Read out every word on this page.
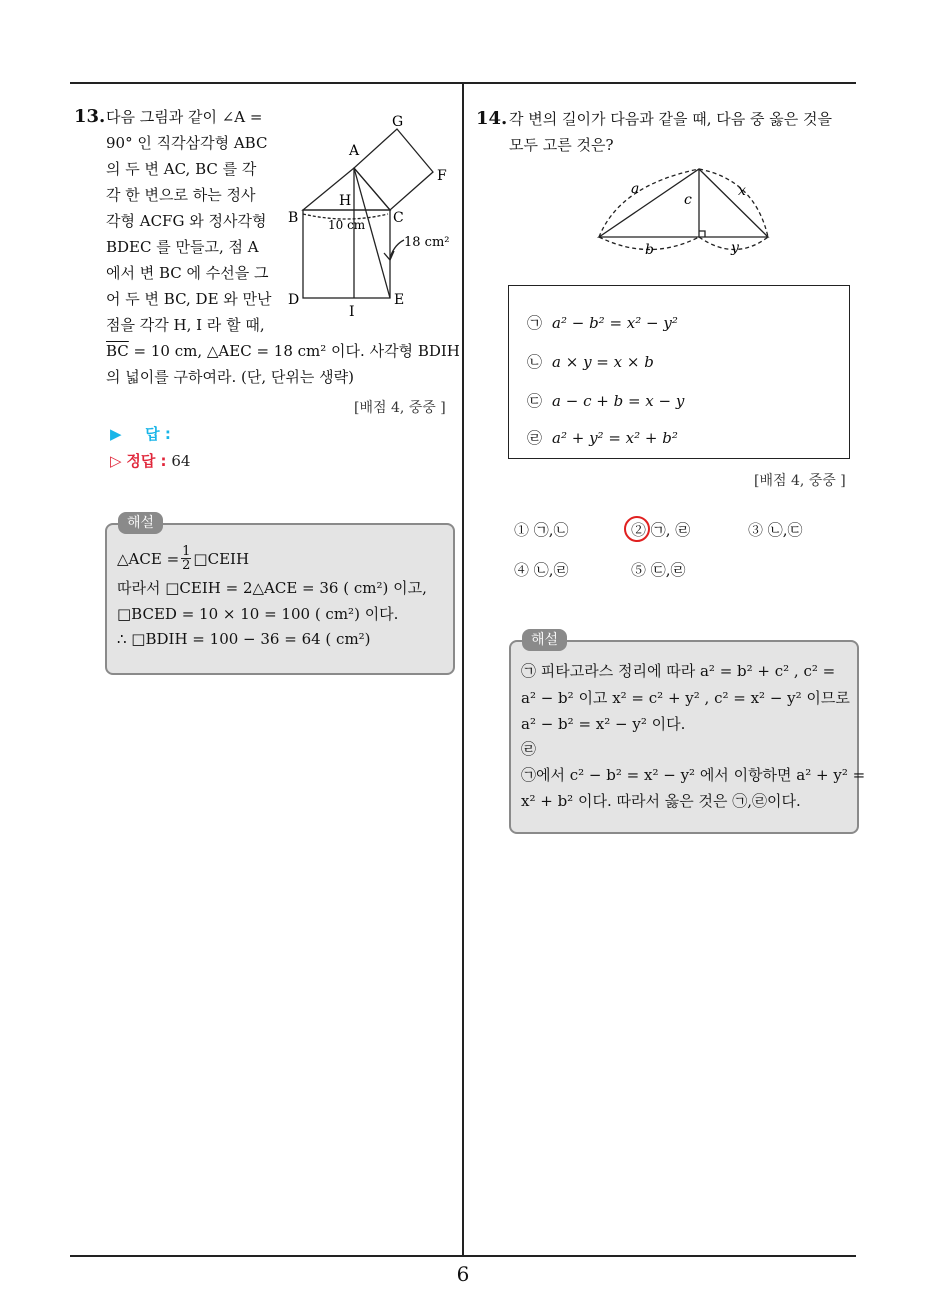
6
13. 다음 그림과 같이 ∠A =
90° 인 직각삼각형 ABC
의 두 변 AC, BC 를 각
각 한 변으로 하는 정사
각형 ACFG 와 정사각형
BDEC 를 만들고, 점 A
에서 변 BC 에 수선을 그
어 두 변 BC, DE 와 만난
점을 각각 H, I 라 할 때,
$\overline{BC} = 10$ cm, △AEC = 18 cm² 이다. 사각형 BDIH
의 넓이를 구하여라. (단, 단위는 생략)
[배점 4, 중중 ]
A
B	C
D	E
F
G
H
I
10 cm
18 cm²
▶ 답 :
▷ 정답 : 64
해설
△ACE = $\frac{1}{2}$ □CEIH
따라서 □CEIH = 2△ACE = 36 ( cm²) 이고,
□BCED = 10 × 10 = 100 ( cm²) 이다.
∴ □BDIH = 100 − 36 = 64 ( cm²)
14. 각 변의 길이가 다음과 같을 때, 다음 중 옳은 것을
모두 고른 것은?
a
c
x
b	y
㉠ a² − b² = x² − y²
㉡ a × y = x × b
㉢ a − c + b = x − y
㉣ a² + y² = x² + b²
[배점 4, 중중 ]
① ㉠,㉡	② ㉠, ㉣	③ ㉡,㉢
④ ㉡,㉣	⑤ ㉢,㉣
해설
㉠ 피타고라스 정리에 따라 a² = b² + c² , c² =
a² − b² 이고 x² = c² + y² , c² = x² − y² 이므로
a² − b² = x² − y² 이다.
㉣
㉠에서 c² − b² = x² − y² 에서 이항하면 a² + y² =
x² + b² 이다. 따라서 옳은 것은 ㉠,㉣이다.
